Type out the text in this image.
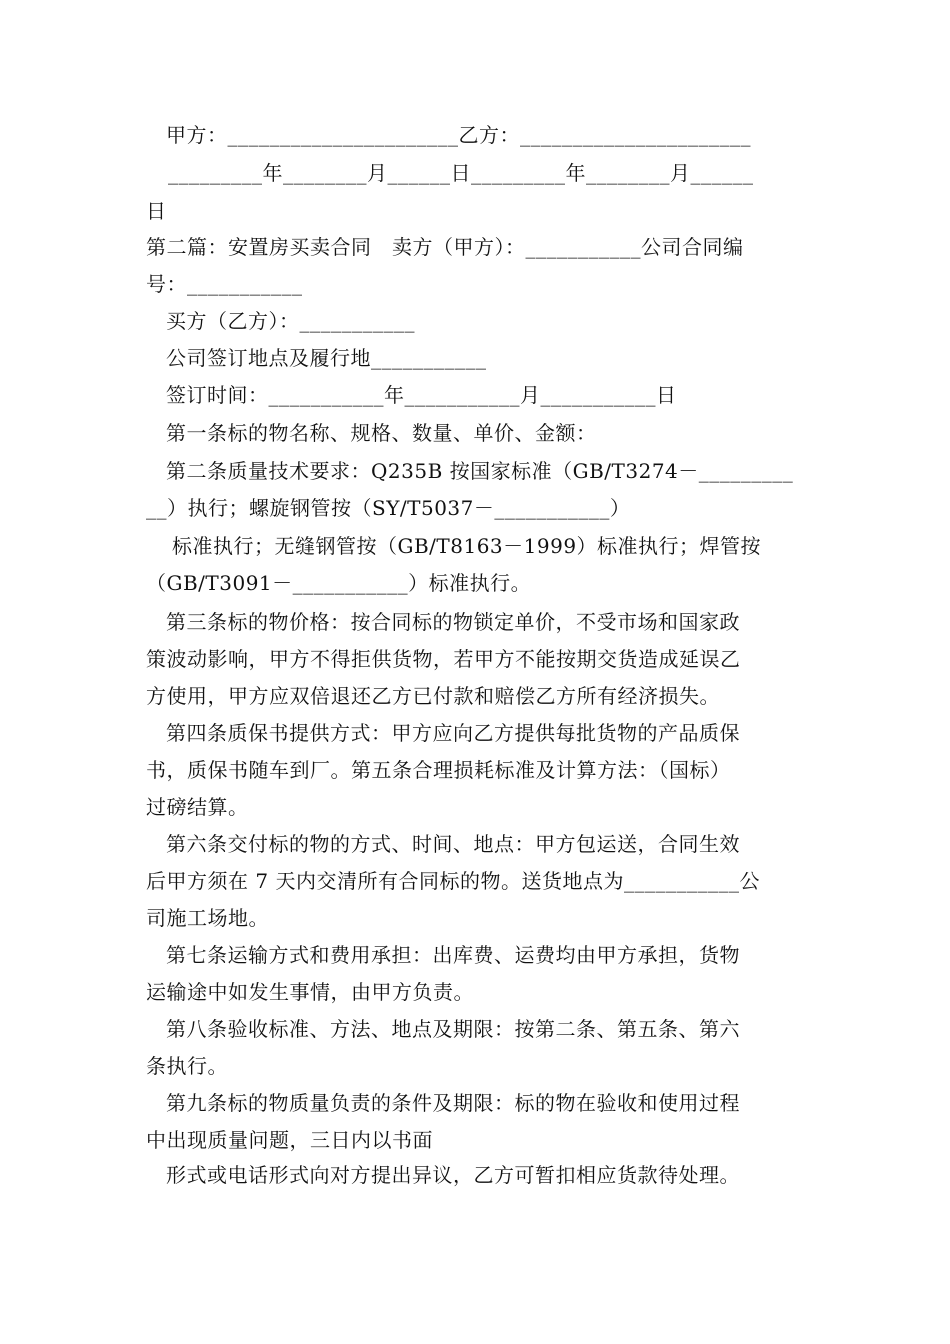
甲方：______________________乙方：______________________
_________年________月______日_________年________月______
日
第二篇：安置房买卖合同　卖方（甲方）：___________公司合同编
号：___________
买方（乙方）：___________
公司签订地点及履行地___________
签订时间：___________年___________月___________日
第一条标的物名称、规格、数量、单价、金额：
第二条质量技术要求：Q235B 按国家标准（GB/T3274－_________
__）执行；螺旋钢管按（SY/T5037－___________）
标准执行；无缝钢管按（GB/T8163－1999）标准执行；焊管按
（GB/T3091－___________）标准执行。
第三条标的物价格：按合同标的物锁定单价，不受市场和国家政
策波动影响，甲方不得拒供货物，若甲方不能按期交货造成延误乙
方使用，甲方应双倍退还乙方已付款和赔偿乙方所有经济损失。
第四条质保书提供方式：甲方应向乙方提供每批货物的产品质保
书，质保书随车到厂。第五条合理损耗标准及计算方法：（国标）
过磅结算。
第六条交付标的物的方式、时间、地点：甲方包运送，合同生效
后甲方须在 7 天内交清所有合同标的物。送货地点为___________公
司施工场地。
第七条运输方式和费用承担：出库费、运费均由甲方承担，货物
运输途中如发生事情，由甲方负责。
第八条验收标准、方法、地点及期限：按第二条、第五条、第六
条执行。
第九条标的物质量负责的条件及期限：标的物在验收和使用过程
中出现质量问题，三日内以书面
形式或电话形式向对方提出异议，乙方可暂扣相应货款待处理。
